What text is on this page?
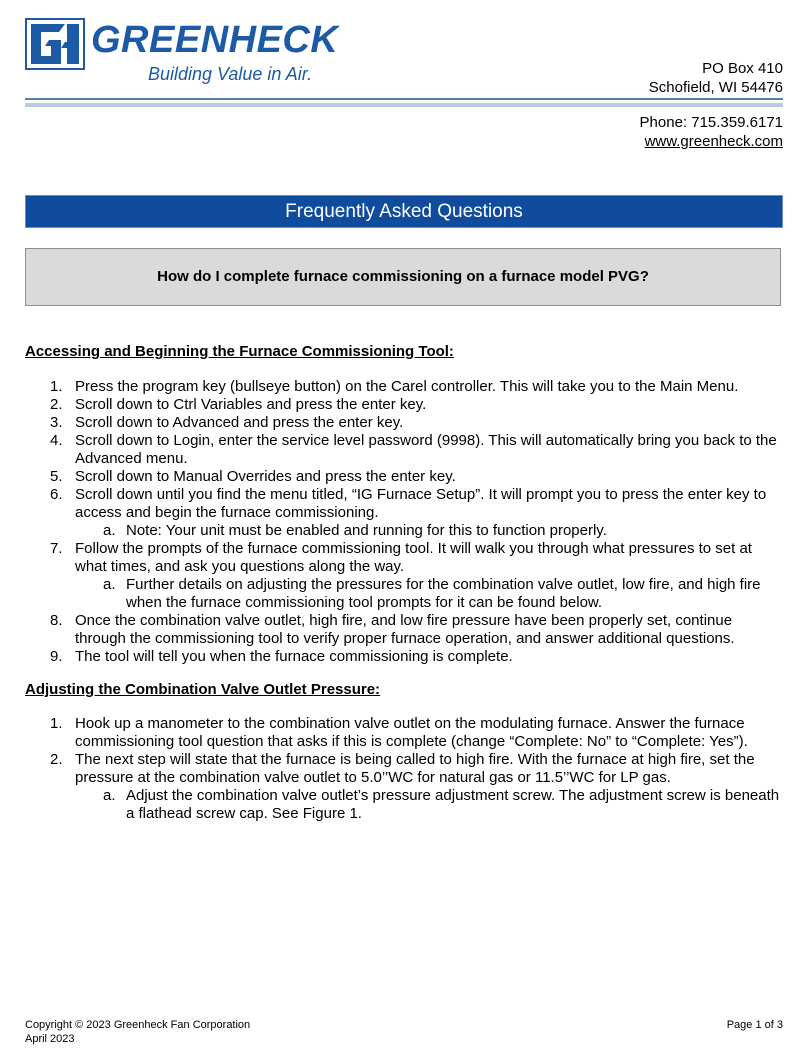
GREENHECK
Building Value in Air.	PO Box 410
Schofield, WI 54476
Phone: 715.359.6171
www.greenheck.com
Frequently Asked Questions
How do I complete furnace commissioning on a furnace model PVG?
Accessing and Beginning the Furnace Commissioning Tool:
1. Press the program key (bullseye button) on the Carel controller. This will take you to the Main Menu.
2. Scroll down to Ctrl Variables and press the enter key.
3. Scroll down to Advanced and press the enter key.
4. Scroll down to Login, enter the service level password (9998). This will automatically bring you back to the Advanced menu.
5. Scroll down to Manual Overrides and press the enter key.
6. Scroll down until you find the menu titled, “IG Furnace Setup”. It will prompt you to press the enter key to access and begin the furnace commissioning.
a. Note: Your unit must be enabled and running for this to function properly.
7. Follow the prompts of the furnace commissioning tool. It will walk you through what pressures to set at what times, and ask you questions along the way.
a. Further details on adjusting the pressures for the combination valve outlet, low fire, and high fire when the furnace commissioning tool prompts for it can be found below.
8. Once the combination valve outlet, high fire, and low fire pressure have been properly set, continue through the commissioning tool to verify proper furnace operation, and answer additional questions.
9. The tool will tell you when the furnace commissioning is complete.
Adjusting the Combination Valve Outlet Pressure:
1. Hook up a manometer to the combination valve outlet on the modulating furnace. Answer the furnace commissioning tool question that asks if this is complete (change “Complete: No” to “Complete: Yes”).
2. The next step will state that the furnace is being called to high fire. With the furnace at high fire, set the pressure at the combination valve outlet to 5.0’’WC for natural gas or 11.5’’WC for LP gas.
a. Adjust the combination valve outlet’s pressure adjustment screw. The adjustment screw is beneath a flathead screw cap. See Figure 1.
Copyright © 2023 Greenheck Fan Corporation
April 2023
Page 1 of 3
